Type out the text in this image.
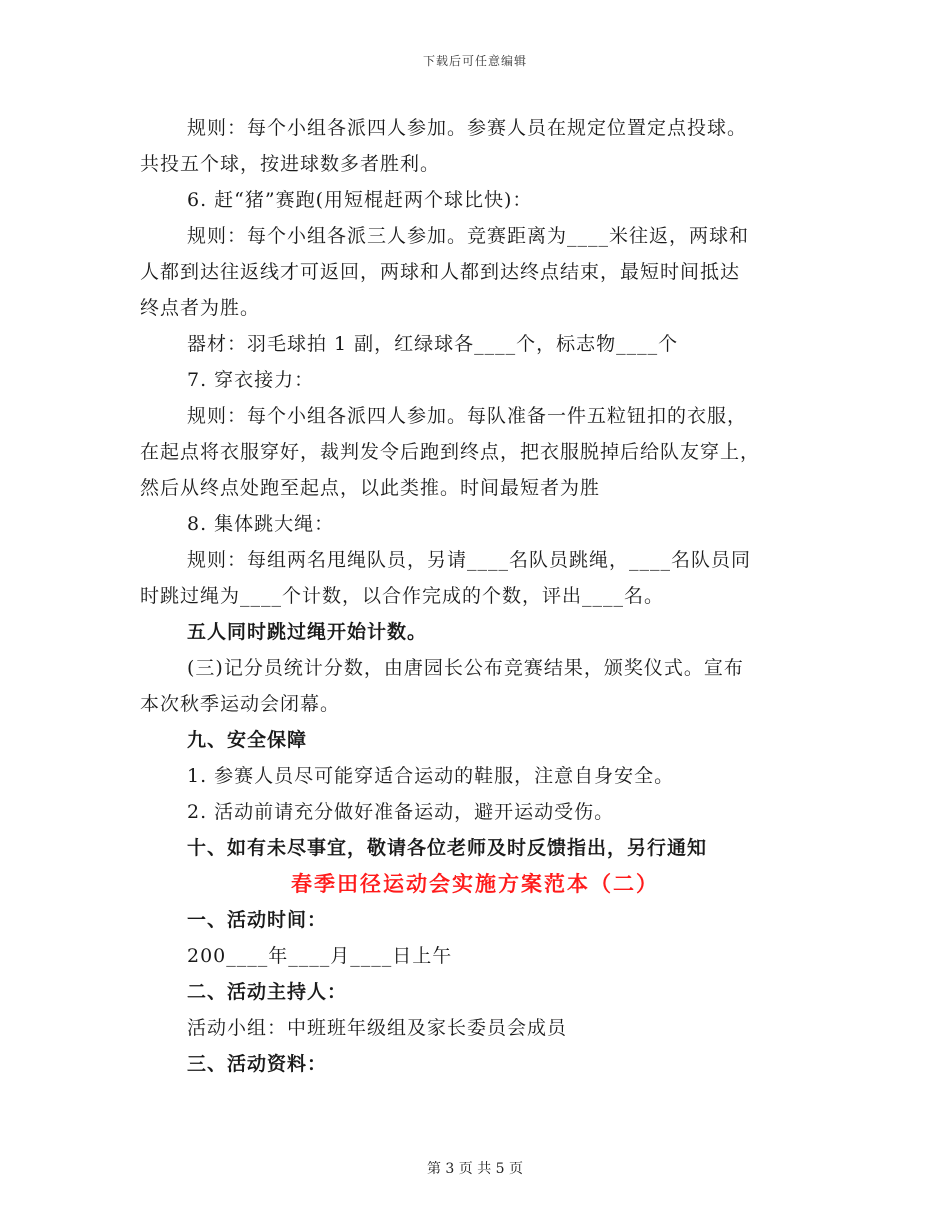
下载后可任意编辑

规则：每个小组各派四人参加。参赛人员在规定位置定点投球。

共投五个球，按进球数多者胜利。

6. 赶“猪”赛跑(用短棍赶两个球比快)：

规则：每个小组各派三人参加。竞赛距离为____米往返，两球和

人都到达往返线才可返回，两球和人都到达终点结束，最短时间抵达

终点者为胜。

器材：羽毛球拍 1 副，红绿球各____个，标志物____个

7. 穿衣接力：

规则：每个小组各派四人参加。每队准备一件五粒钮扣的衣服，

在起点将衣服穿好，裁判发令后跑到终点，把衣服脱掉后给队友穿上，

然后从终点处跑至起点，以此类推。时间最短者为胜

8. 集体跳大绳：

规则：每组两名甩绳队员，另请____名队员跳绳，____名队员同

时跳过绳为____个计数，以合作完成的个数，评出____名。

五人同时跳过绳开始计数。

(三)记分员统计分数，由唐园长公布竞赛结果，颁奖仪式。宣布

本次秋季运动会闭幕。

九、安全保障

1. 参赛人员尽可能穿适合运动的鞋服，注意自身安全。

2. 活动前请充分做好准备运动，避开运动受伤。

十、如有未尽事宜，敬请各位老师及时反馈指出，另行通知

春季田径运动会实施方案范本（二）

一、活动时间：

200____年____月____日上午

二、活动主持人：

活动小组：中班班年级组及家长委员会成员

三、活动资料：

第 3 页 共 5 页
